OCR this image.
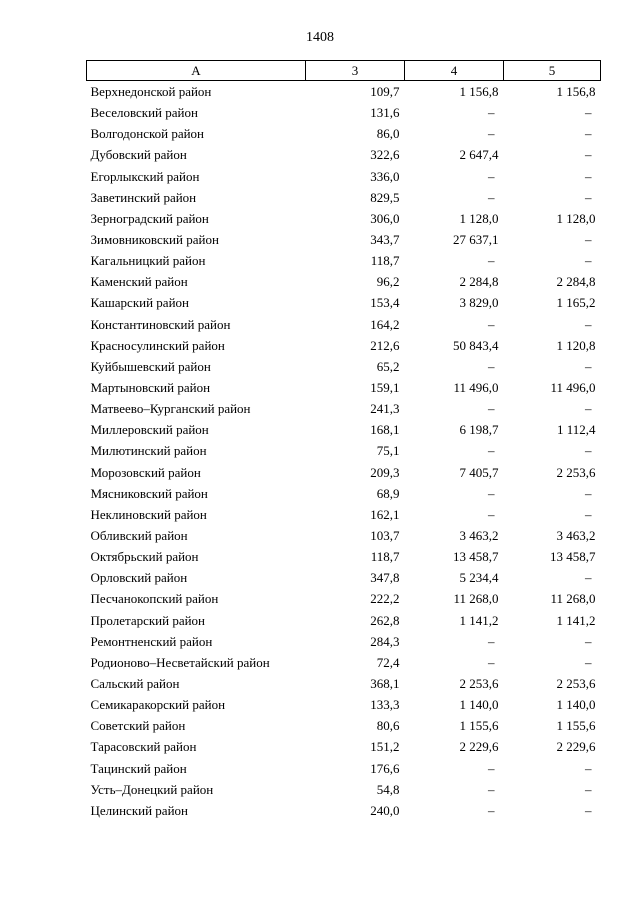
1408
А	3	4	5
Верхнедонской район	109,7	1 156,8	1 156,8
Веселовский район	131,6	–	–
Волгодонской район	86,0	–	–
Дубовский район	322,6	2 647,4	–
Егорлыкский район	336,0	–	–
Заветинский район	829,5	–	–
Зерноградский район	306,0	1 128,0	1 128,0
Зимовниковский район	343,7	27 637,1	–
Кагальницкий район	118,7	–	–
Каменский район	96,2	2 284,8	2 284,8
Кашарский район	153,4	3 829,0	1 165,2
Константиновский район	164,2	–	–
Красносулинский район	212,6	50 843,4	1 120,8
Куйбышевский район	65,2	–	–
Мартыновский район	159,1	11 496,0	11 496,0
Матвеево–Курганский район	241,3	–	–
Миллеровский район	168,1	6 198,7	1 112,4
Милютинский район	75,1	–	–
Морозовский район	209,3	7 405,7	2 253,6
Мясниковский район	68,9	–	–
Неклиновский район	162,1	–	–
Обливский район	103,7	3 463,2	3 463,2
Октябрьский район	118,7	13 458,7	13 458,7
Орловский район	347,8	5 234,4	–
Песчанокопский район	222,2	11 268,0	11 268,0
Пролетарский район	262,8	1 141,2	1 141,2
Ремонтненский район	284,3	–	–
Родионово–Несветайский район	72,4	–	–
Сальский район	368,1	2 253,6	2 253,6
Семикаракорский район	133,3	1 140,0	1 140,0
Советский район	80,6	1 155,6	1 155,6
Тарасовский район	151,2	2 229,6	2 229,6
Тацинский район	176,6	–	–
Усть–Донецкий район	54,8	–	–
Целинский район	240,0	–	–
